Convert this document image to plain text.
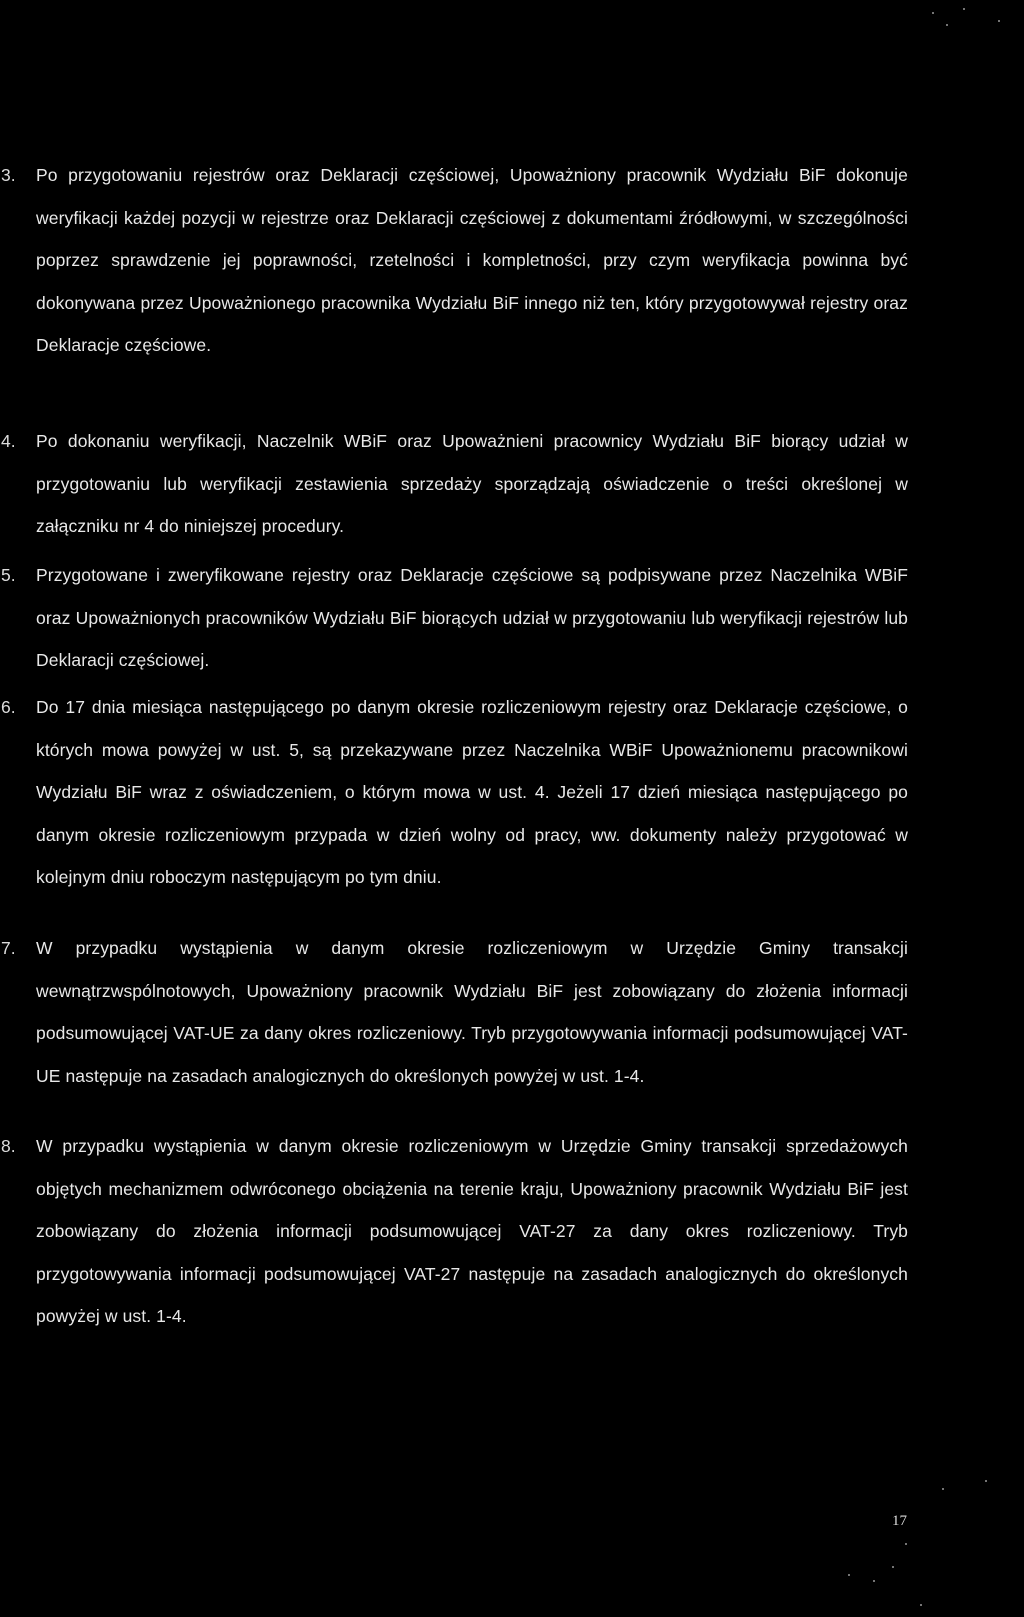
3. Po przygotowaniu rejestrów oraz Deklaracji częściowej, Upoważniony pracownik Wydziału BiF dokonuje weryfikacji każdej pozycji w rejestrze oraz Deklaracji częściowej z dokumentami źródłowymi, w szczególności poprzez sprawdzenie jej poprawności, rzetelności i kompletności, przy czym weryfikacja powinna być dokonywana przez Upoważnionego pracownika Wydziału BiF innego niż ten, który przygotowywał rejestry oraz Deklaracje częściowe.

4. Po dokonaniu weryfikacji, Naczelnik WBiF oraz Upoważnieni pracownicy Wydziału BiF biorący udział w przygotowaniu lub weryfikacji zestawienia sprzedaży sporządzają oświadczenie o treści określonej w załączniku nr 4 do niniejszej procedury.

5. Przygotowane i zweryfikowane rejestry oraz Deklaracje częściowe są podpisywane przez Naczelnika WBiF oraz Upoważnionych pracowników Wydziału BiF biorących udział w przygotowaniu lub weryfikacji rejestrów lub Deklaracji częściowej.

6. Do 17 dnia miesiąca następującego po danym okresie rozliczeniowym rejestry oraz Deklaracje częściowe, o których mowa powyżej w ust. 5, są przekazywane przez Naczelnika WBiF Upoważnionemu pracownikowi Wydziału BiF wraz z oświadczeniem, o którym mowa w ust. 4. Jeżeli 17 dzień miesiąca następującego po danym okresie rozliczeniowym przypada w dzień wolny od pracy, ww. dokumenty należy przygotować w kolejnym dniu roboczym następującym po tym dniu.

7. W przypadku wystąpienia w danym okresie rozliczeniowym w Urzędzie Gminy transakcji wewnątrzwspólnotowych, Upoważniony pracownik Wydziału BiF jest zobowiązany do złożenia informacji podsumowującej VAT-UE za dany okres rozliczeniowy. Tryb przygotowywania informacji podsumowującej VAT-UE następuje na zasadach analogicznych do określonych powyżej w ust. 1-4.

8. W przypadku wystąpienia w danym okresie rozliczeniowym w Urzędzie Gminy transakcji sprzedażowych objętych mechanizmem odwróconego obciążenia na terenie kraju, Upoważniony pracownik Wydziału BiF jest zobowiązany do złożenia informacji podsumowującej VAT-27 za dany okres rozliczeniowy. Tryb przygotowywania informacji podsumowującej VAT-27 następuje na zasadach analogicznych do określonych powyżej w ust. 1-4.

17
